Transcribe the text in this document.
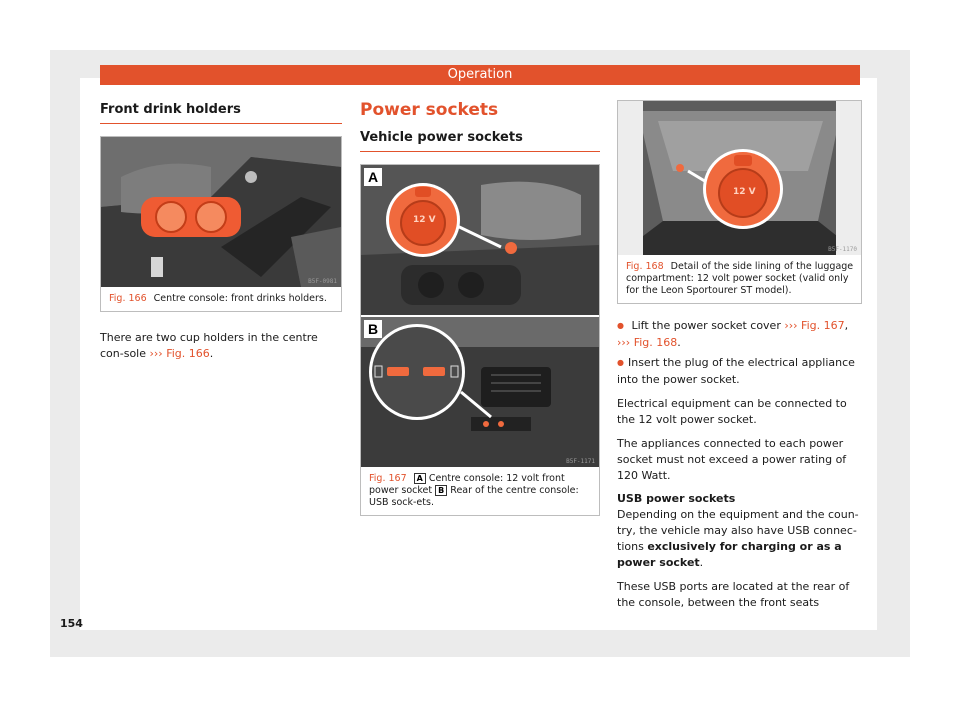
Operation
Front drink holders
B5F-0981
Fig. 166 Centre console: front drinks holders.

There are two cup holders in the centre con-sole ››› Fig. 166.

Power sockets
Vehicle power sockets
A
12 V
B
B5F-1171
Fig. 167 A Centre console: 12 volt front power socket B Rear of the centre console: USB sock-ets.
12 V
B5F-1170
Fig. 168 Detail of the side lining of the luggage compartment: 12 volt power socket (valid only for the Leon Sportourer ST model).

● Lift the power socket cover ››› Fig. 167, ››› Fig. 168.

● Insert the plug of the electrical appliance into the power socket.

Electrical equipment can be connected to the 12 volt power socket.

The appliances connected to each power socket must not exceed a power rating of 120 Watt.

USB power sockets

Depending on the equipment and the coun-try, the vehicle may also have USB connec-tions exclusively for charging or as a power socket.

These USB ports are located at the rear of the console, between the front seats

154
